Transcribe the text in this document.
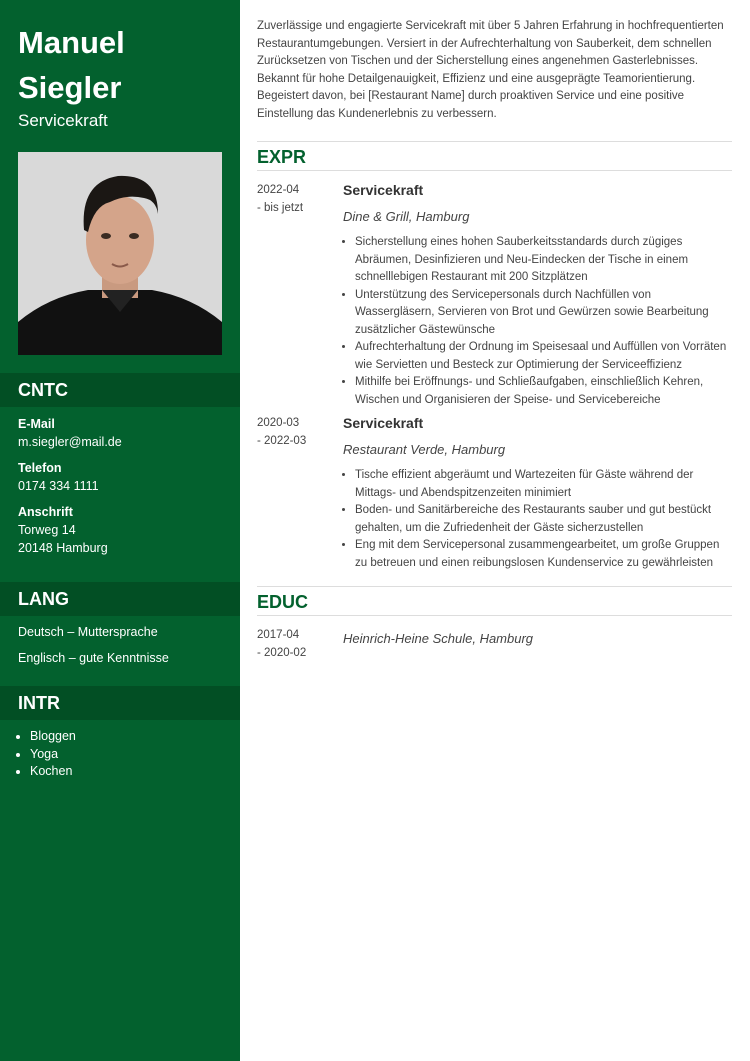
Manuel
Siegler
Servicekraft
CNTC
E-Mail
m.siegler@mail.de
Telefon
0174 334 1111
Anschrift
Torweg 14
20148 Hamburg
LANG
Deutsch – Muttersprache
Englisch – gute Kenntnisse
INTR
• Bloggen
• Yoga
• Kochen
Zuverlässige und engagierte Servicekraft mit über 5 Jahren Erfahrung in hochfrequentierten Restaurantumgebungen. Versiert in der Aufrechterhaltung von Sauberkeit, dem schnellen Zurücksetzen von Tischen und der Sicherstellung eines angenehmen Gasterlebnisses. Bekannt für hohe Detailgenauigkeit, Effizienz und eine ausgeprägte Teamorientierung. Begeistert davon, bei [Restaurant Name] durch proaktiven Service und eine positive Einstellung das Kundenerlebnis zu verbessern.
EXPR
2022-04
- bis jetzt
Servicekraft
Dine & Grill, Hamburg
• Sicherstellung eines hohen Sauberkeitsstandards durch zügiges Abräumen, Desinfizieren und Neu-Eindecken der Tische in einem schnelllebigen Restaurant mit 200 Sitzplätzen
• Unterstützung des Servicepersonals durch Nachfüllen von Wassergläsern, Servieren von Brot und Gewürzen sowie Bearbeitung zusätzlicher Gästewünsche
• Aufrechterhaltung der Ordnung im Speisesaal und Auffüllen von Vorräten wie Servietten und Besteck zur Optimierung der Serviceeffizienz
• Mithilfe bei Eröffnungs- und Schließaufgaben, einschließlich Kehren, Wischen und Organisieren der Speise- und Servicebereiche
2020-03
- 2022-03
Servicekraft
Restaurant Verde, Hamburg
• Tische effizient abgeräumt und Wartezeiten für Gäste während der Mittags- und Abendspitzenzeiten minimiert
• Boden- und Sanitärbereiche des Restaurants sauber und gut bestückt gehalten, um die Zufriedenheit der Gäste sicherzustellen
• Eng mit dem Servicepersonal zusammengearbeitet, um große Gruppen zu betreuen und einen reibungslosen Kundenservice zu gewährleisten
EDUC
2017-04
- 2020-02
Heinrich-Heine Schule, Hamburg
